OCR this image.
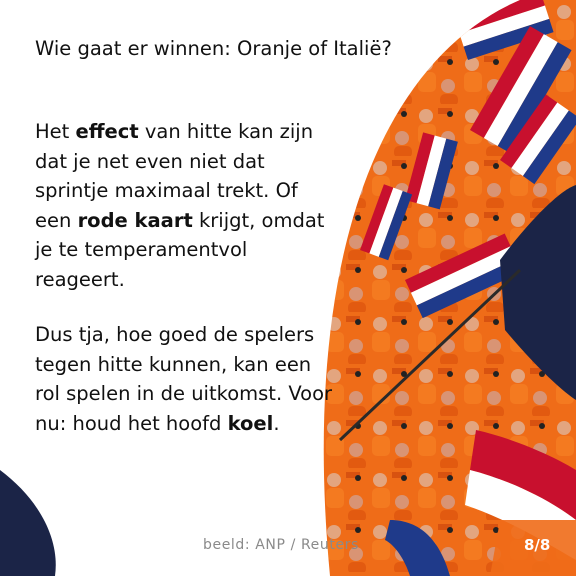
Wie gaat er winnen: Oranje of Italië?
Het effect van hitte kan zijn dat je net even niet dat sprintje maximaal trekt. Of een rode kaart krijgt, omdat je te temperamentvol reageert.
Dus tja, hoe goed de spelers tegen hitte kunnen, kan een rol spelen in de uitkomst. Voor nu: houd het hoofd koel.
beeld: ANP / Reuters	8/8
